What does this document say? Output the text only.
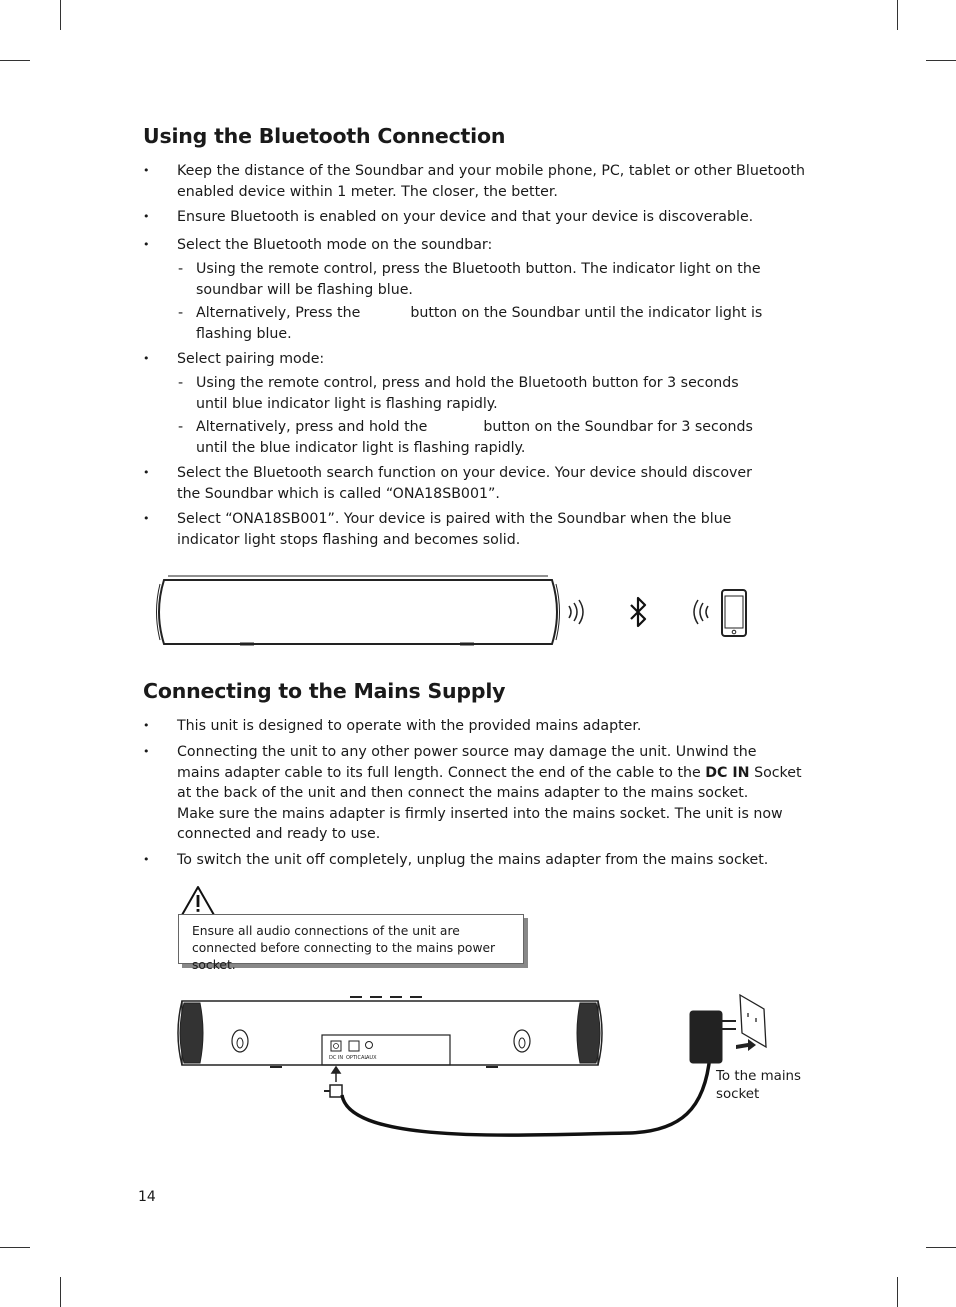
Using the Bluetooth Connection
• Keep the distance of the Soundbar and your mobile phone, PC, tablet or other Bluetooth enabled device within 1 meter. The closer, the better.
• Ensure Bluetooth is enabled on your device and that your device is discoverable.
• Select the Bluetooth mode on the soundbar:
- Using the remote control, press the Bluetooth button. The indicator light on the soundbar will be flashing blue.
- Alternatively, Press the	button on the Soundbar until the indicator light is flashing blue.
• Select pairing mode:
- Using the remote control, press and hold the Bluetooth button for 3 seconds until blue indicator light is flashing rapidly.
- Alternatively, press and hold the	button on the Soundbar for 3 seconds until the blue indicator light is flashing rapidly.
• Select the Bluetooth search function on your device. Your device should discover the Soundbar which is called “ONA18SB001”.
• Select “ONA18SB001”. Your device is paired with the Soundbar when the blue indicator light stops flashing and becomes solid.
Connecting to the Mains Supply
• This unit is designed to operate with the provided mains adapter.
• Connecting the unit to any other power source may damage the unit. Unwind the mains adapter cable to its full length. Connect the end of the cable to the DC IN Socket at the back of the unit and then connect the mains adapter to the mains socket.
Make sure the mains adapter is firmly inserted into the mains socket. The unit is now connected and ready to use.
• To switch the unit off completely, unplug the mains adapter from the mains socket.
Ensure all audio connections of the unit are connected before connecting to the mains power socket.
DC IN OPTICAL
AUX
To the mains socket
14
